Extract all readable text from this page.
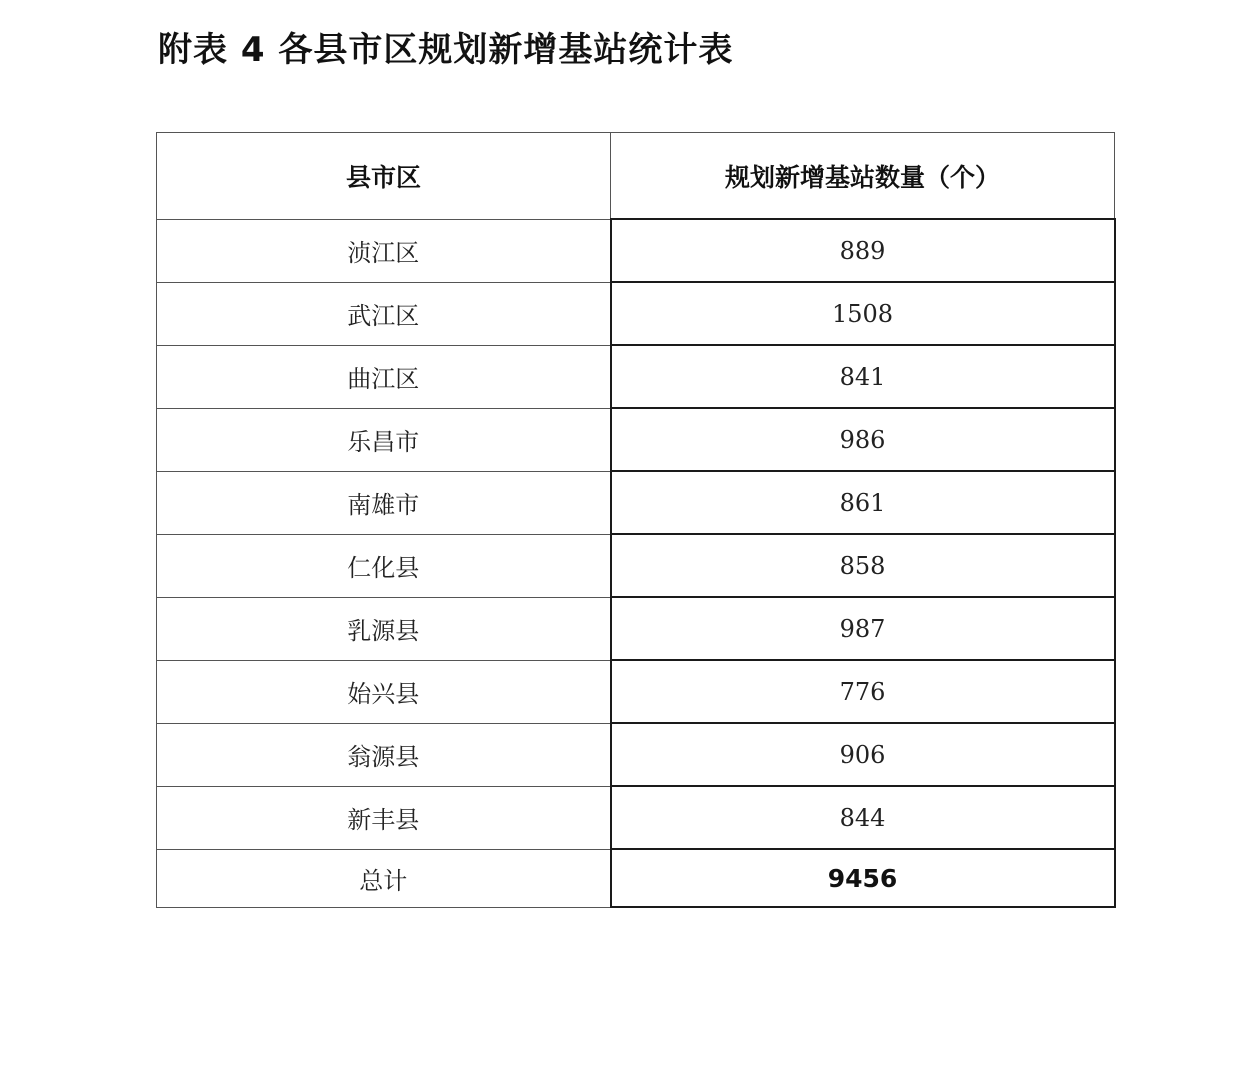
附表 4 各县市区规划新增基站统计表
县市区	规划新增基站数量（个）
浈江区	889
武江区	1508
曲江区	841
乐昌市	986
南雄市	861
仁化县	858
乳源县	987
始兴县	776
翁源县	906
新丰县	844
总计	9456
